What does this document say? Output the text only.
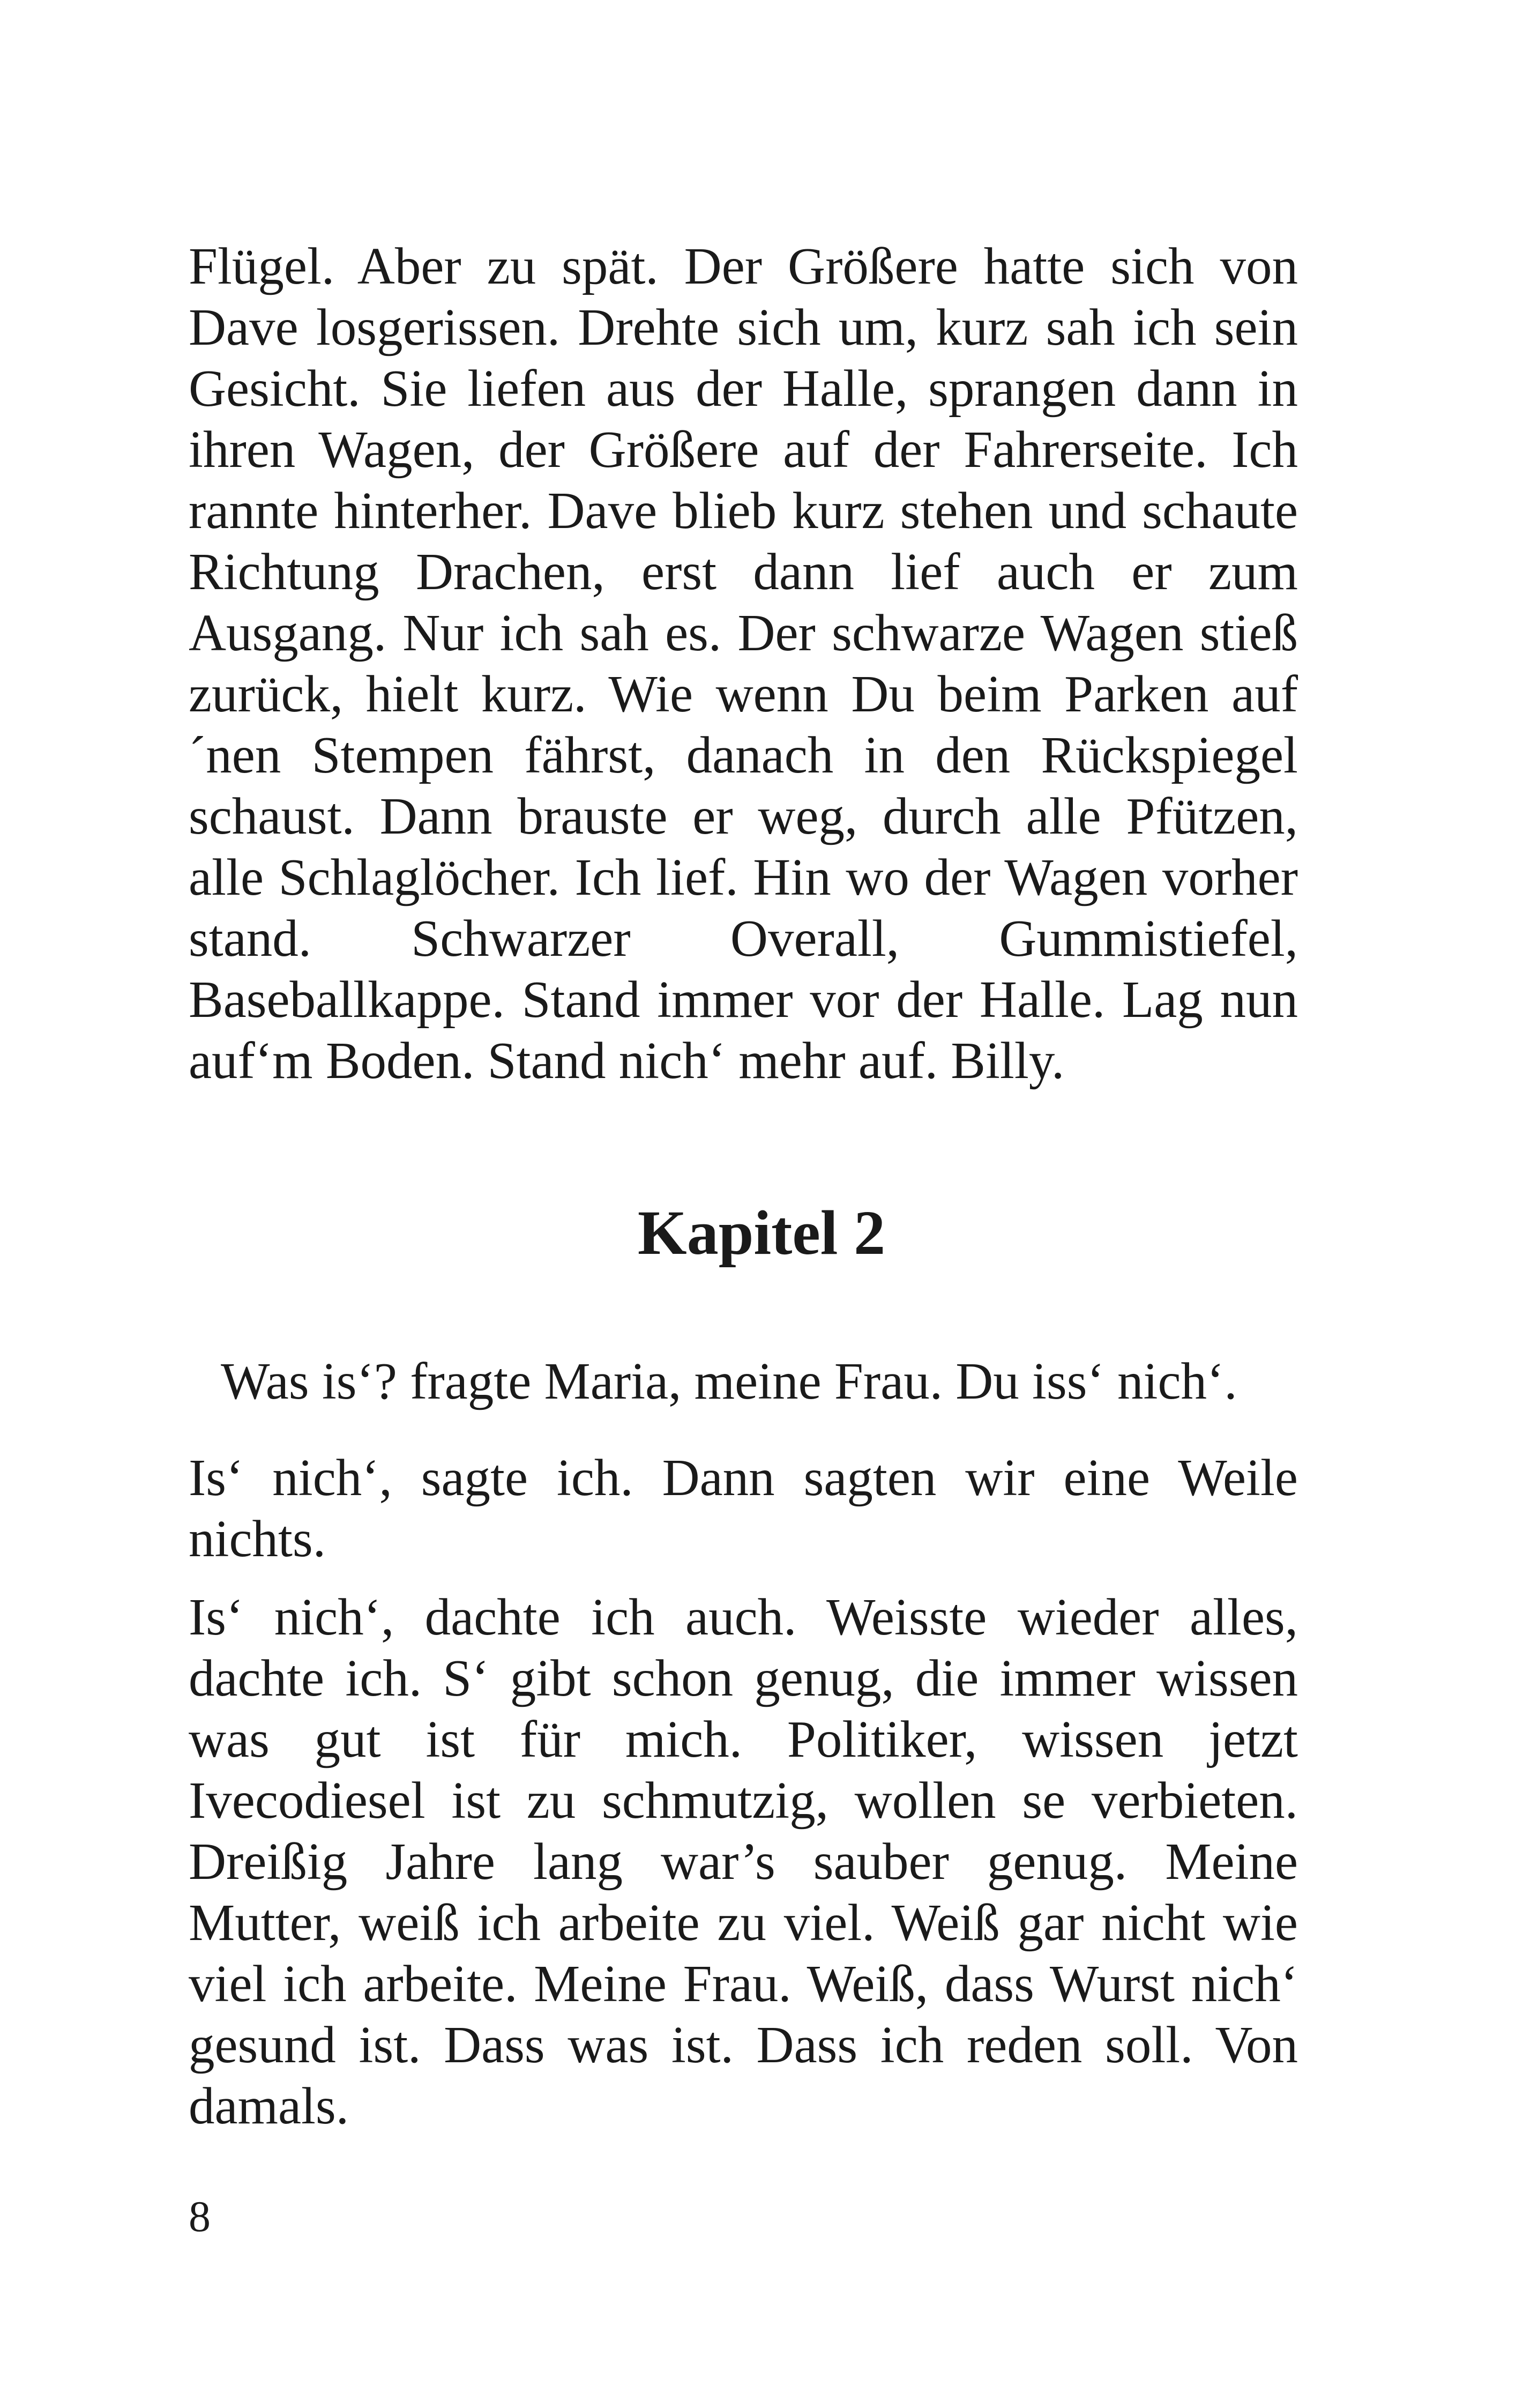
Flügel. Aber zu spät. Der Größere hatte sich von Dave losgerissen. Drehte sich um, kurz sah ich sein Gesicht. Sie liefen aus der Halle, sprangen dann in ihren Wagen, der Größere auf der Fahrerseite. Ich rannte hinterher. Dave blieb kurz stehen und schaute Richtung Drachen, erst dann lief auch er zum Ausgang. Nur ich sah es. Der schwarze Wagen stieß zurück, hielt kurz. Wie wenn Du beim Parken auf ´nen Stempen fährst, danach in den Rückspiegel schaust. Dann brauste er weg, durch alle Pfützen, alle Schlaglöcher. Ich lief. Hin wo der Wagen vorher stand. Schwarzer Overall, Gummistiefel, Baseballkappe. Stand immer vor der Halle. Lag nun auf‘m Boden. Stand nich‘ mehr auf. Billy.

Kapitel 2

Was is‘? fragte Maria, meine Frau. Du iss‘ nich‘.

Is‘ nich‘, sagte ich. Dann sagten wir eine Weile nichts.

Is‘ nich‘, dachte ich auch. Weisste wieder alles, dachte ich. S‘ gibt schon genug, die immer wissen was gut ist für mich. Politiker, wissen jetzt Ivecodiesel ist zu schmutzig, wollen se verbieten. Dreißig Jahre lang war’s sauber genug. Meine Mutter, weiß ich arbeite zu viel. Weiß gar nicht wie viel ich arbeite. Meine Frau. Weiß, dass Wurst nich‘ gesund ist. Dass was ist. Dass ich reden soll. Von damals.

8
